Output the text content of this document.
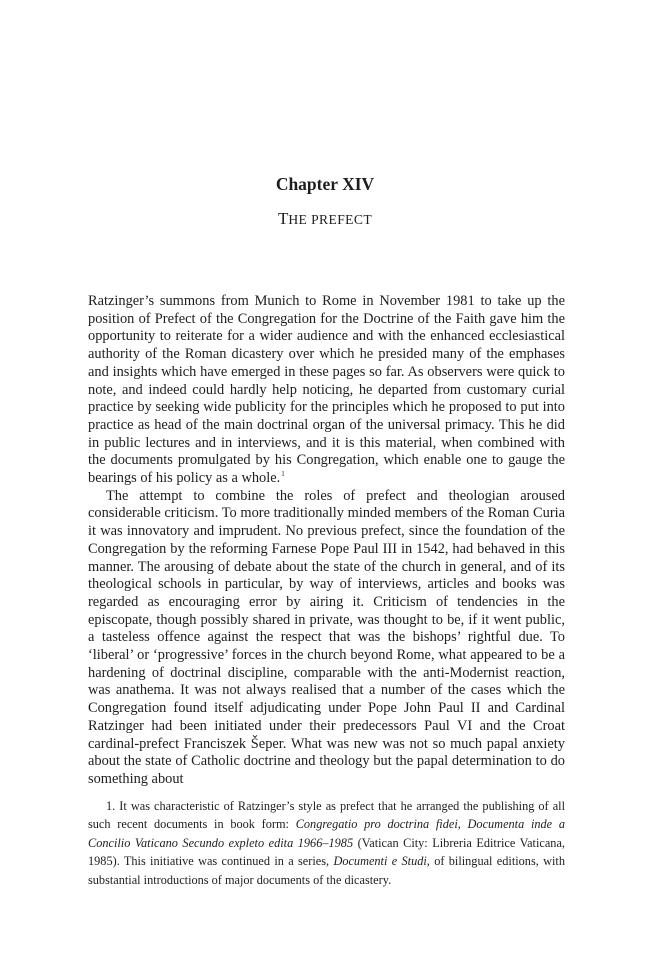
Chapter XIV
THE PREFECT

Ratzinger’s summons from Munich to Rome in November 1981 to take up the position of Prefect of the Congregation for the Doctrine of the Faith gave him the opportunity to reiterate for a wider audience and with the enhanced ecclesiastical authority of the Roman dicastery over which he presided many of the emphases and insights which have emerged in these pages so far. As observers were quick to note, and indeed could hardly help noticing, he departed from customary curial practice by seeking wide publicity for the principles which he proposed to put into practice as head of the main doctrinal organ of the universal primacy. This he did in public lectures and in interviews, and it is this material, when combined with the documents promulgated by his Congregation, which enable one to gauge the bearings of his policy as a whole.$^1$

The attempt to combine the roles of prefect and theologian aroused considerable criticism. To more traditionally minded members of the Roman Curia it was innovatory and imprudent. No previous prefect, since the foundation of the Congregation by the reforming Farnese Pope Paul III in 1542, had behaved in this manner. The arousing of debate about the state of the church in general, and of its theological schools in particular, by way of interviews, articles and books was regarded as encouraging error by airing it. Criticism of tendencies in the episcopate, though possibly shared in private, was thought to be, if it went public, a tasteless offence against the respect that was the bishops’ rightful due. To ‘liberal’ or ‘progressive’ forces in the church beyond Rome, what appeared to be a hardening of doctrinal discipline, comparable with the anti-Modernist reaction, was anathema. It was not always realised that a number of the cases which the Congregation found itself adjudicating under Pope John Paul II and Cardinal Ratzinger had been initiated under their predecessors Paul VI and the Croat cardinal-prefect Franciszek Šeper. What was new was not so much papal anxiety about the state of Catholic doctrine and theology but the papal determination to do something about

1. It was characteristic of Ratzinger’s style as prefect that he arranged the publishing of all such recent documents in book form: Congregatio pro doctrina fidei, Documenta inde a Concilio Vaticano Secundo expleto edita 1966–1985 (Vatican City: Libreria Editrice Vaticana, 1985). This initiative was continued in a series, Documenti e Studi, of bilingual editions, with substantial introductions of major documents of the dicastery.
